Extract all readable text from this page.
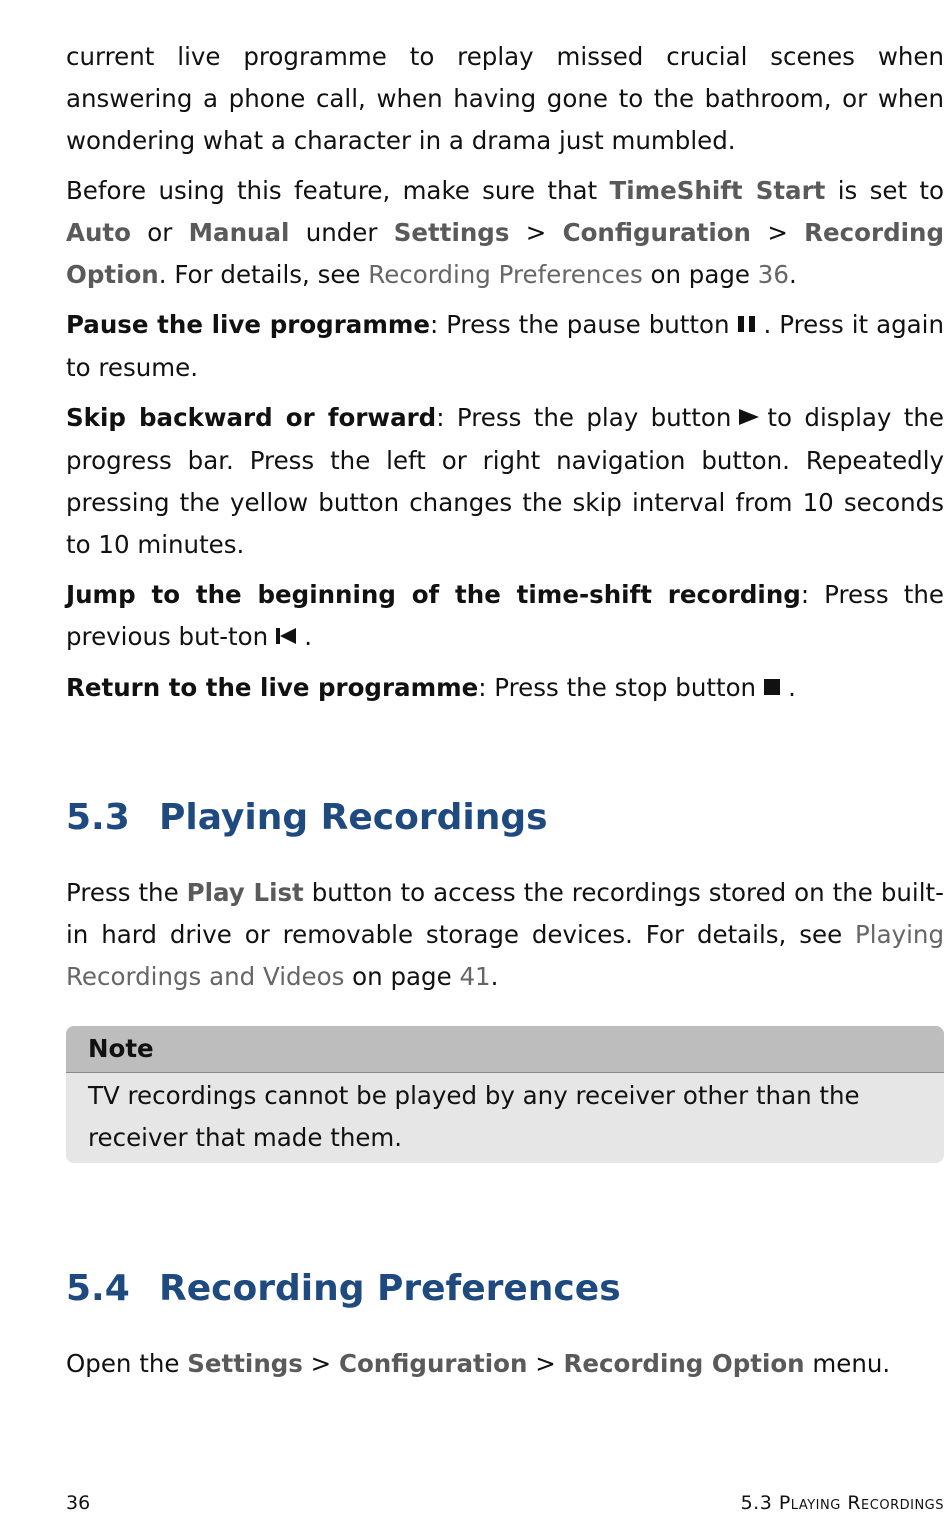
current live programme to replay missed crucial scenes when answering a phone call, when having gone to the bathroom, or when wondering what a character in a drama just mumbled.

Before using this feature, make sure that TimeShift Start is set to Auto or Manual under Settings > Configuration > Recording Option. For details, see Recording Preferences on page 36.

Pause the live programme: Press the pause button . Press it again to resume.

Skip backward or forward: Press the play button to display the progress bar. Press the left or right navigation button. Repeatedly pressing the yellow button changes the skip interval from 10 seconds to 10 minutes.

Jump to the beginning of the time-shift recording: Press the previous but-ton .

Return to the live programme: Press the stop button .

5.3 Playing Recordings

Press the Play List button to access the recordings stored on the built-in hard drive or removable storage devices. For details, see Playing Recordings and Videos on page 41.

Note
TV recordings cannot be played by any receiver other than the receiver that made them.
5.4 Recording Preferences

Open the Settings > Configuration > Recording Option menu.

36	5.3 Playing Recordings
